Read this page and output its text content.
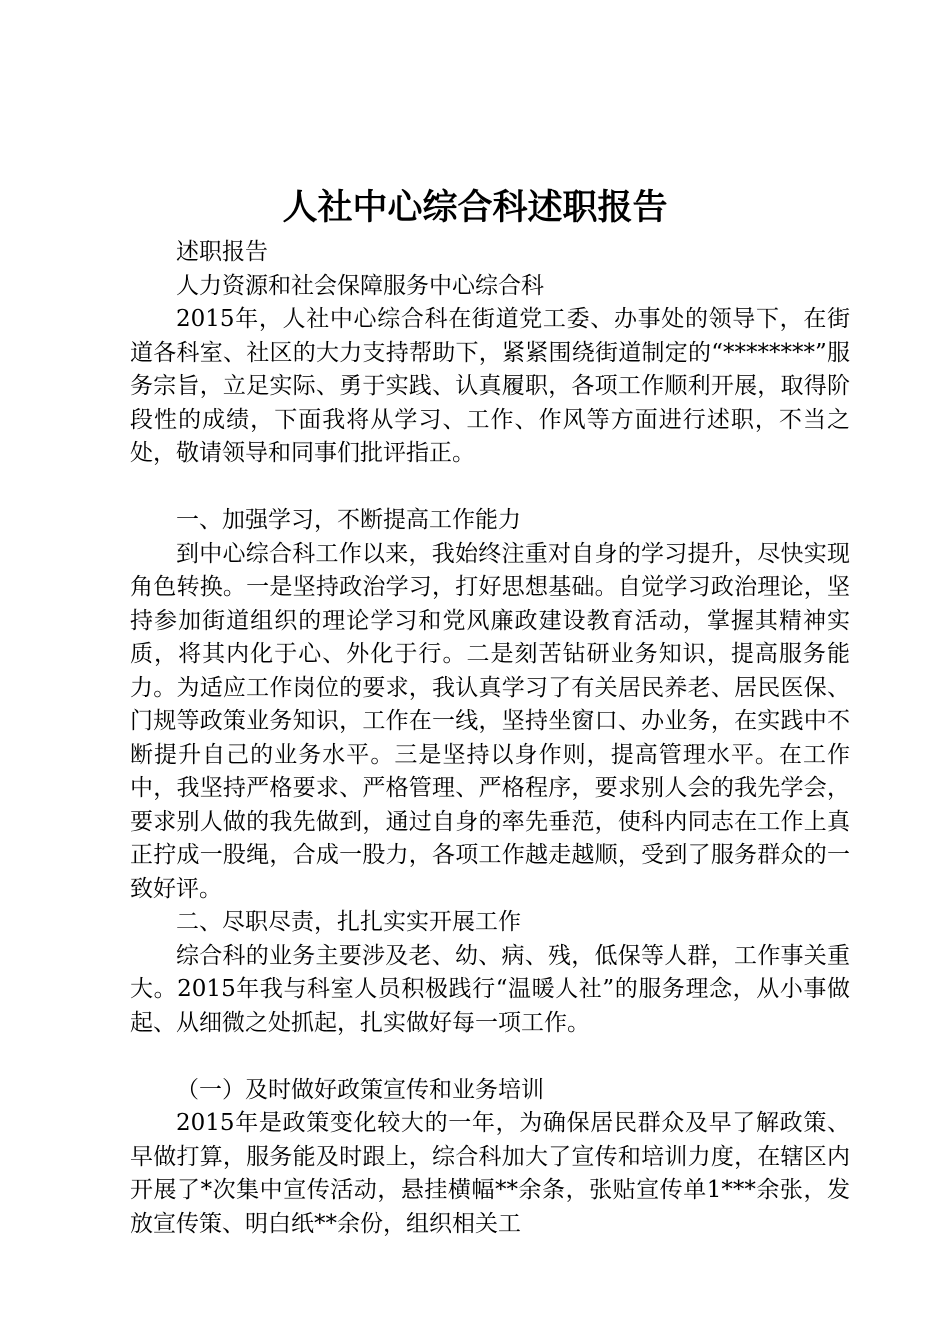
人社中心综合科述职报告

述职报告

人力资源和社会保障服务中心综合科

2015年，人社中心综合科在街道党工委、办事处的领导下，在街道各科室、社区的大力支持帮助下，紧紧围绕街道制定的“********”服务宗旨，立足实际、勇于实践、认真履职，各项工作顺利开展，取得阶段性的成绩，下面我将从学习、工作、作风等方面进行述职，不当之处，敬请领导和同事们批评指正。

一、加强学习，不断提高工作能力

到中心综合科工作以来，我始终注重对自身的学习提升，尽快实现角色转换。一是坚持政治学习，打好思想基础。自觉学习政治理论，坚持参加街道组织的理论学习和党风廉政建设教育活动，掌握其精神实质，将其内化于心、外化于行。二是刻苦钻研业务知识，提高服务能力。为适应工作岗位的要求，我认真学习了有关居民养老、居民医保、门规等政策业务知识，工作在一线，坚持坐窗口、办业务，在实践中不断提升自己的业务水平。三是坚持以身作则，提高管理水平。在工作中，我坚持严格要求、严格管理、严格程序，要求别人会的我先学会，要求别人做的我先做到，通过自身的率先垂范，使科内同志在工作上真正拧成一股绳，合成一股力，各项工作越走越顺，受到了服务群众的一致好评。

二、尽职尽责，扎扎实实开展工作

综合科的业务主要涉及老、幼、病、残，低保等人群，工作事关重大。2015年我与科室人员积极践行“温暖人社”的服务理念，从小事做起、从细微之处抓起，扎实做好每一项工作。

（一）及时做好政策宣传和业务培训

2015年是政策变化较大的一年，为确保居民群众及早了解政策、早做打算，服务能及时跟上，综合科加大了宣传和培训力度，在辖区内开展了*次集中宣传活动，悬挂横幅**余条，张贴宣传单1***余张，发放宣传策、明白纸**余份，组织相关工
